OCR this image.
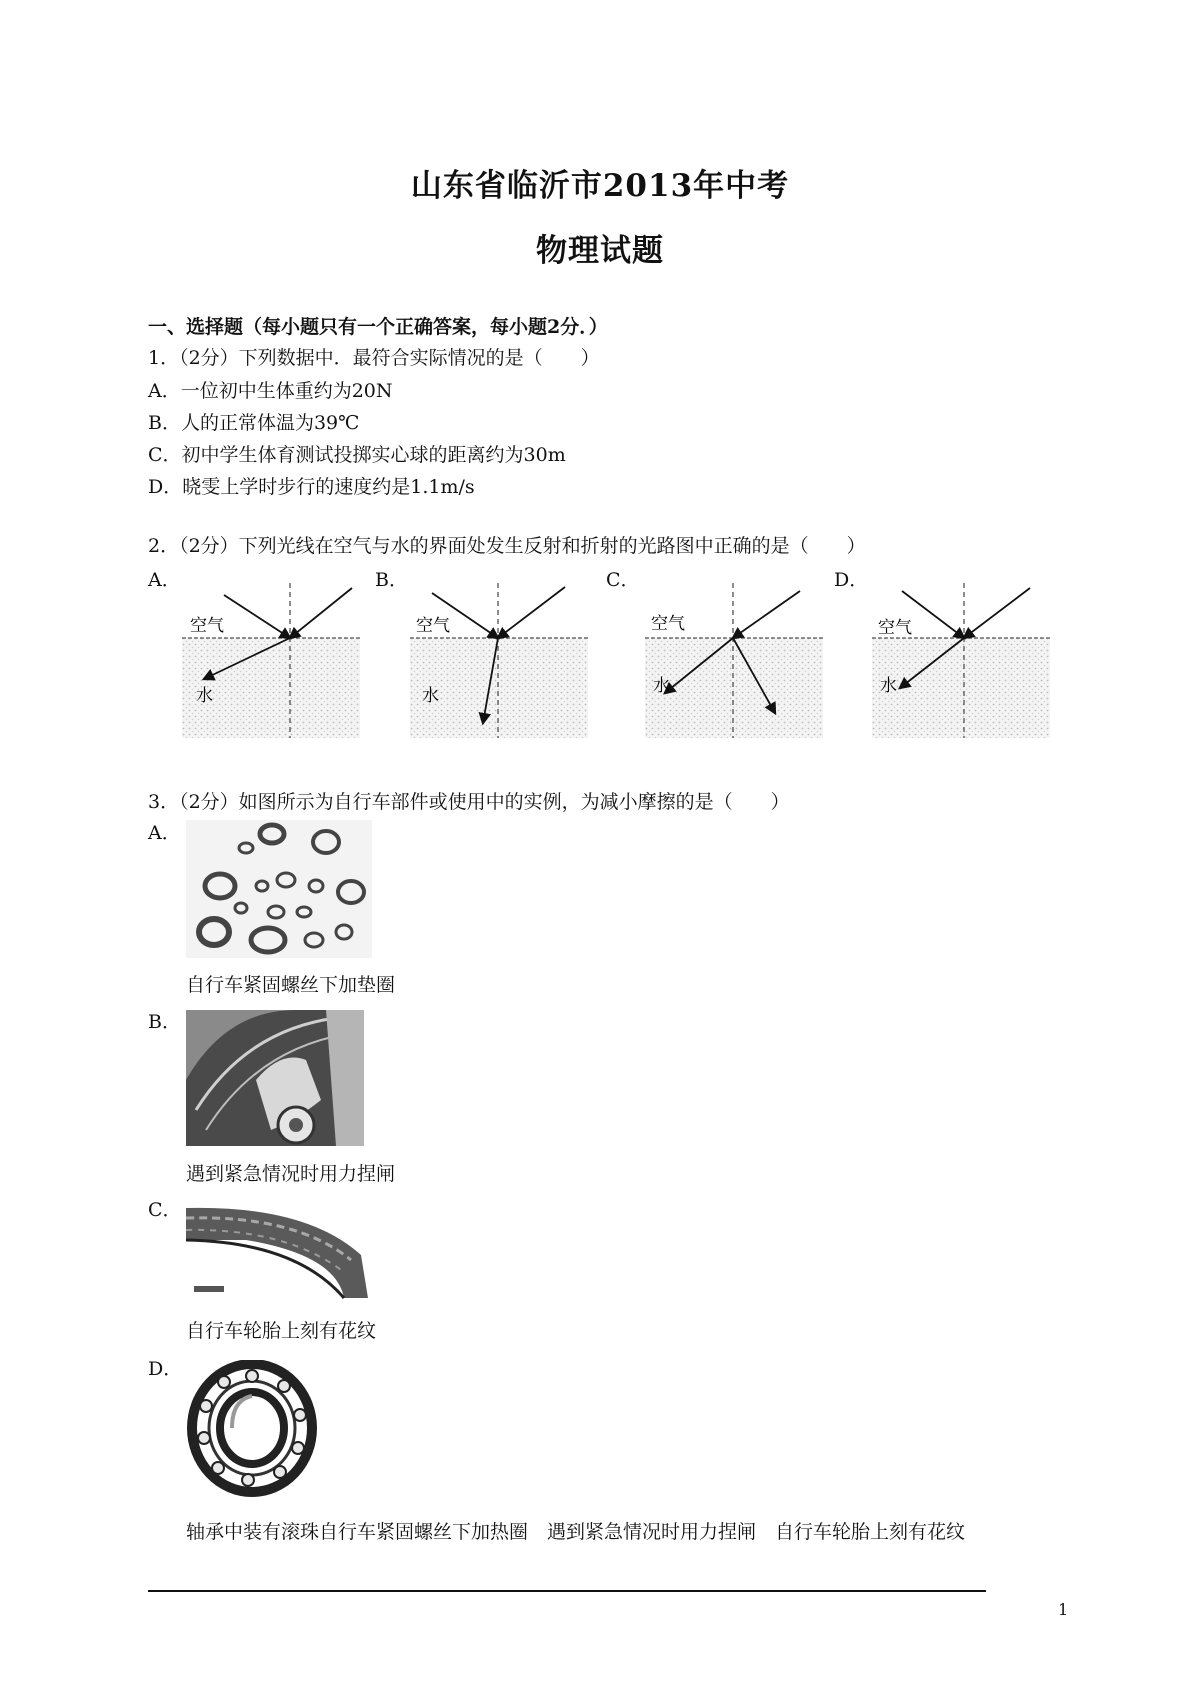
山东省临沂市2013年中考
物理试题
一、选择题（每小题只有一个正确答案，每小题2分．）
1．（2分）下列数据中．最符合实际情况的是（　　）
A．一位初中生体重约为20N
B．人的正常体温为39℃
C．初中学生体育测试投掷实心球的距离约为30m
D．晓雯上学时步行的速度约是1.1m/s
2．（2分）下列光线在空气与水的界面处发生反射和折射的光路图中正确的是（　　）
A．	B．	C．	D．
空气
水
空气
水
空气
水
空气
水
3．（2分）如图所示为自行车部件或使用中的实例，为减小摩擦的是（　　）
A．
自行车紧固螺丝下加垫圈
B．
遇到紧急情况时用力捏闸
C．
自行车轮胎上刻有花纹
D．
轴承中装有滚珠自行车紧固螺丝下加热圈　遇到紧急情况时用力捏闸　自行车轮胎上刻有花纹
1
